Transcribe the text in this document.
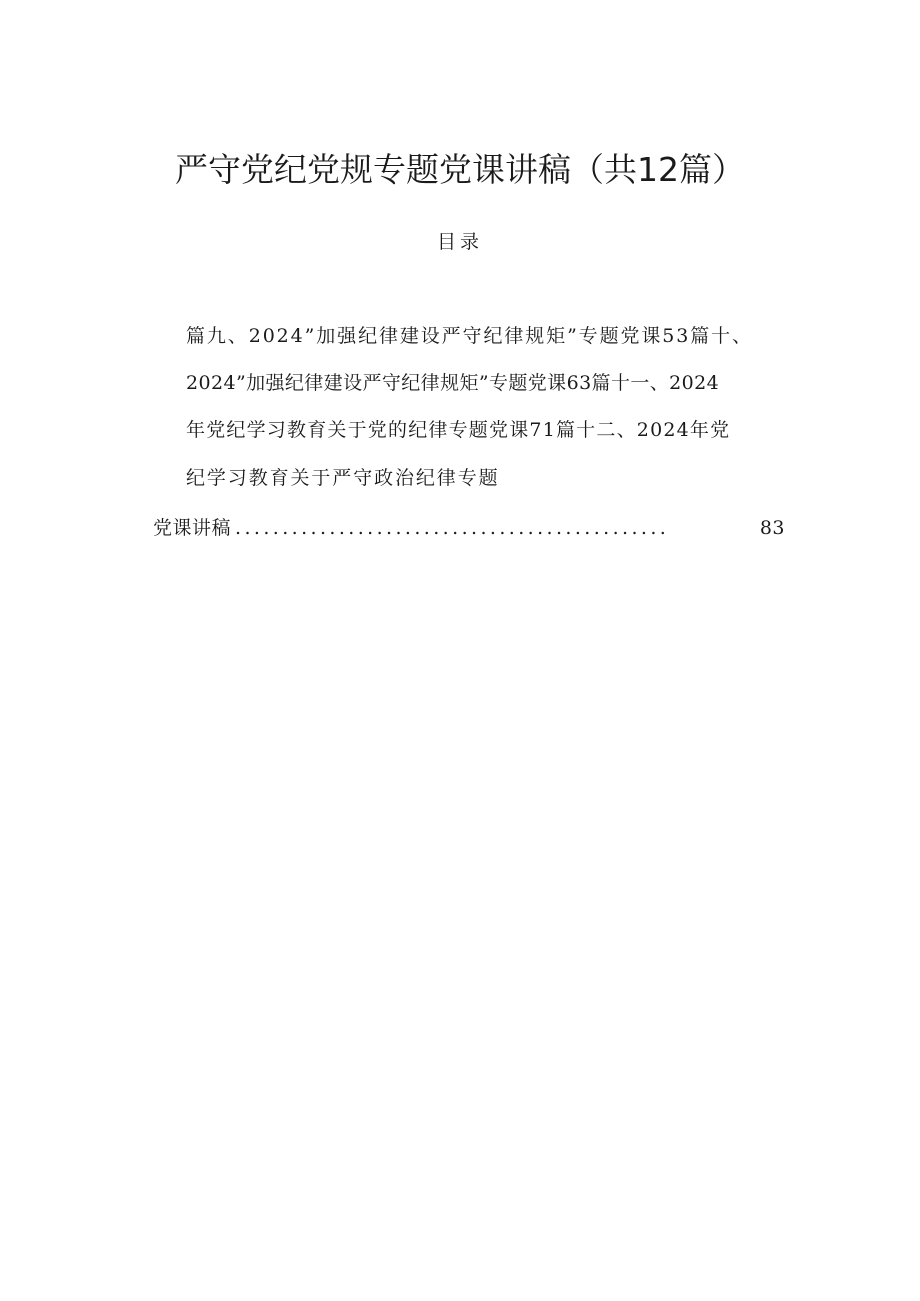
严守党纪党规专题党课讲稿（共12篇）
目录
篇九、2024”加强纪律建设严守纪律规矩”专题党课53篇十、
2024”加强纪律建设严守纪律规矩”专题党课63篇十一、2024
年党纪学习教育关于党的纪律专题党课71篇十二、2024年党
纪学习教育关于严守政治纪律专题
党课讲稿 ..............................................	83
